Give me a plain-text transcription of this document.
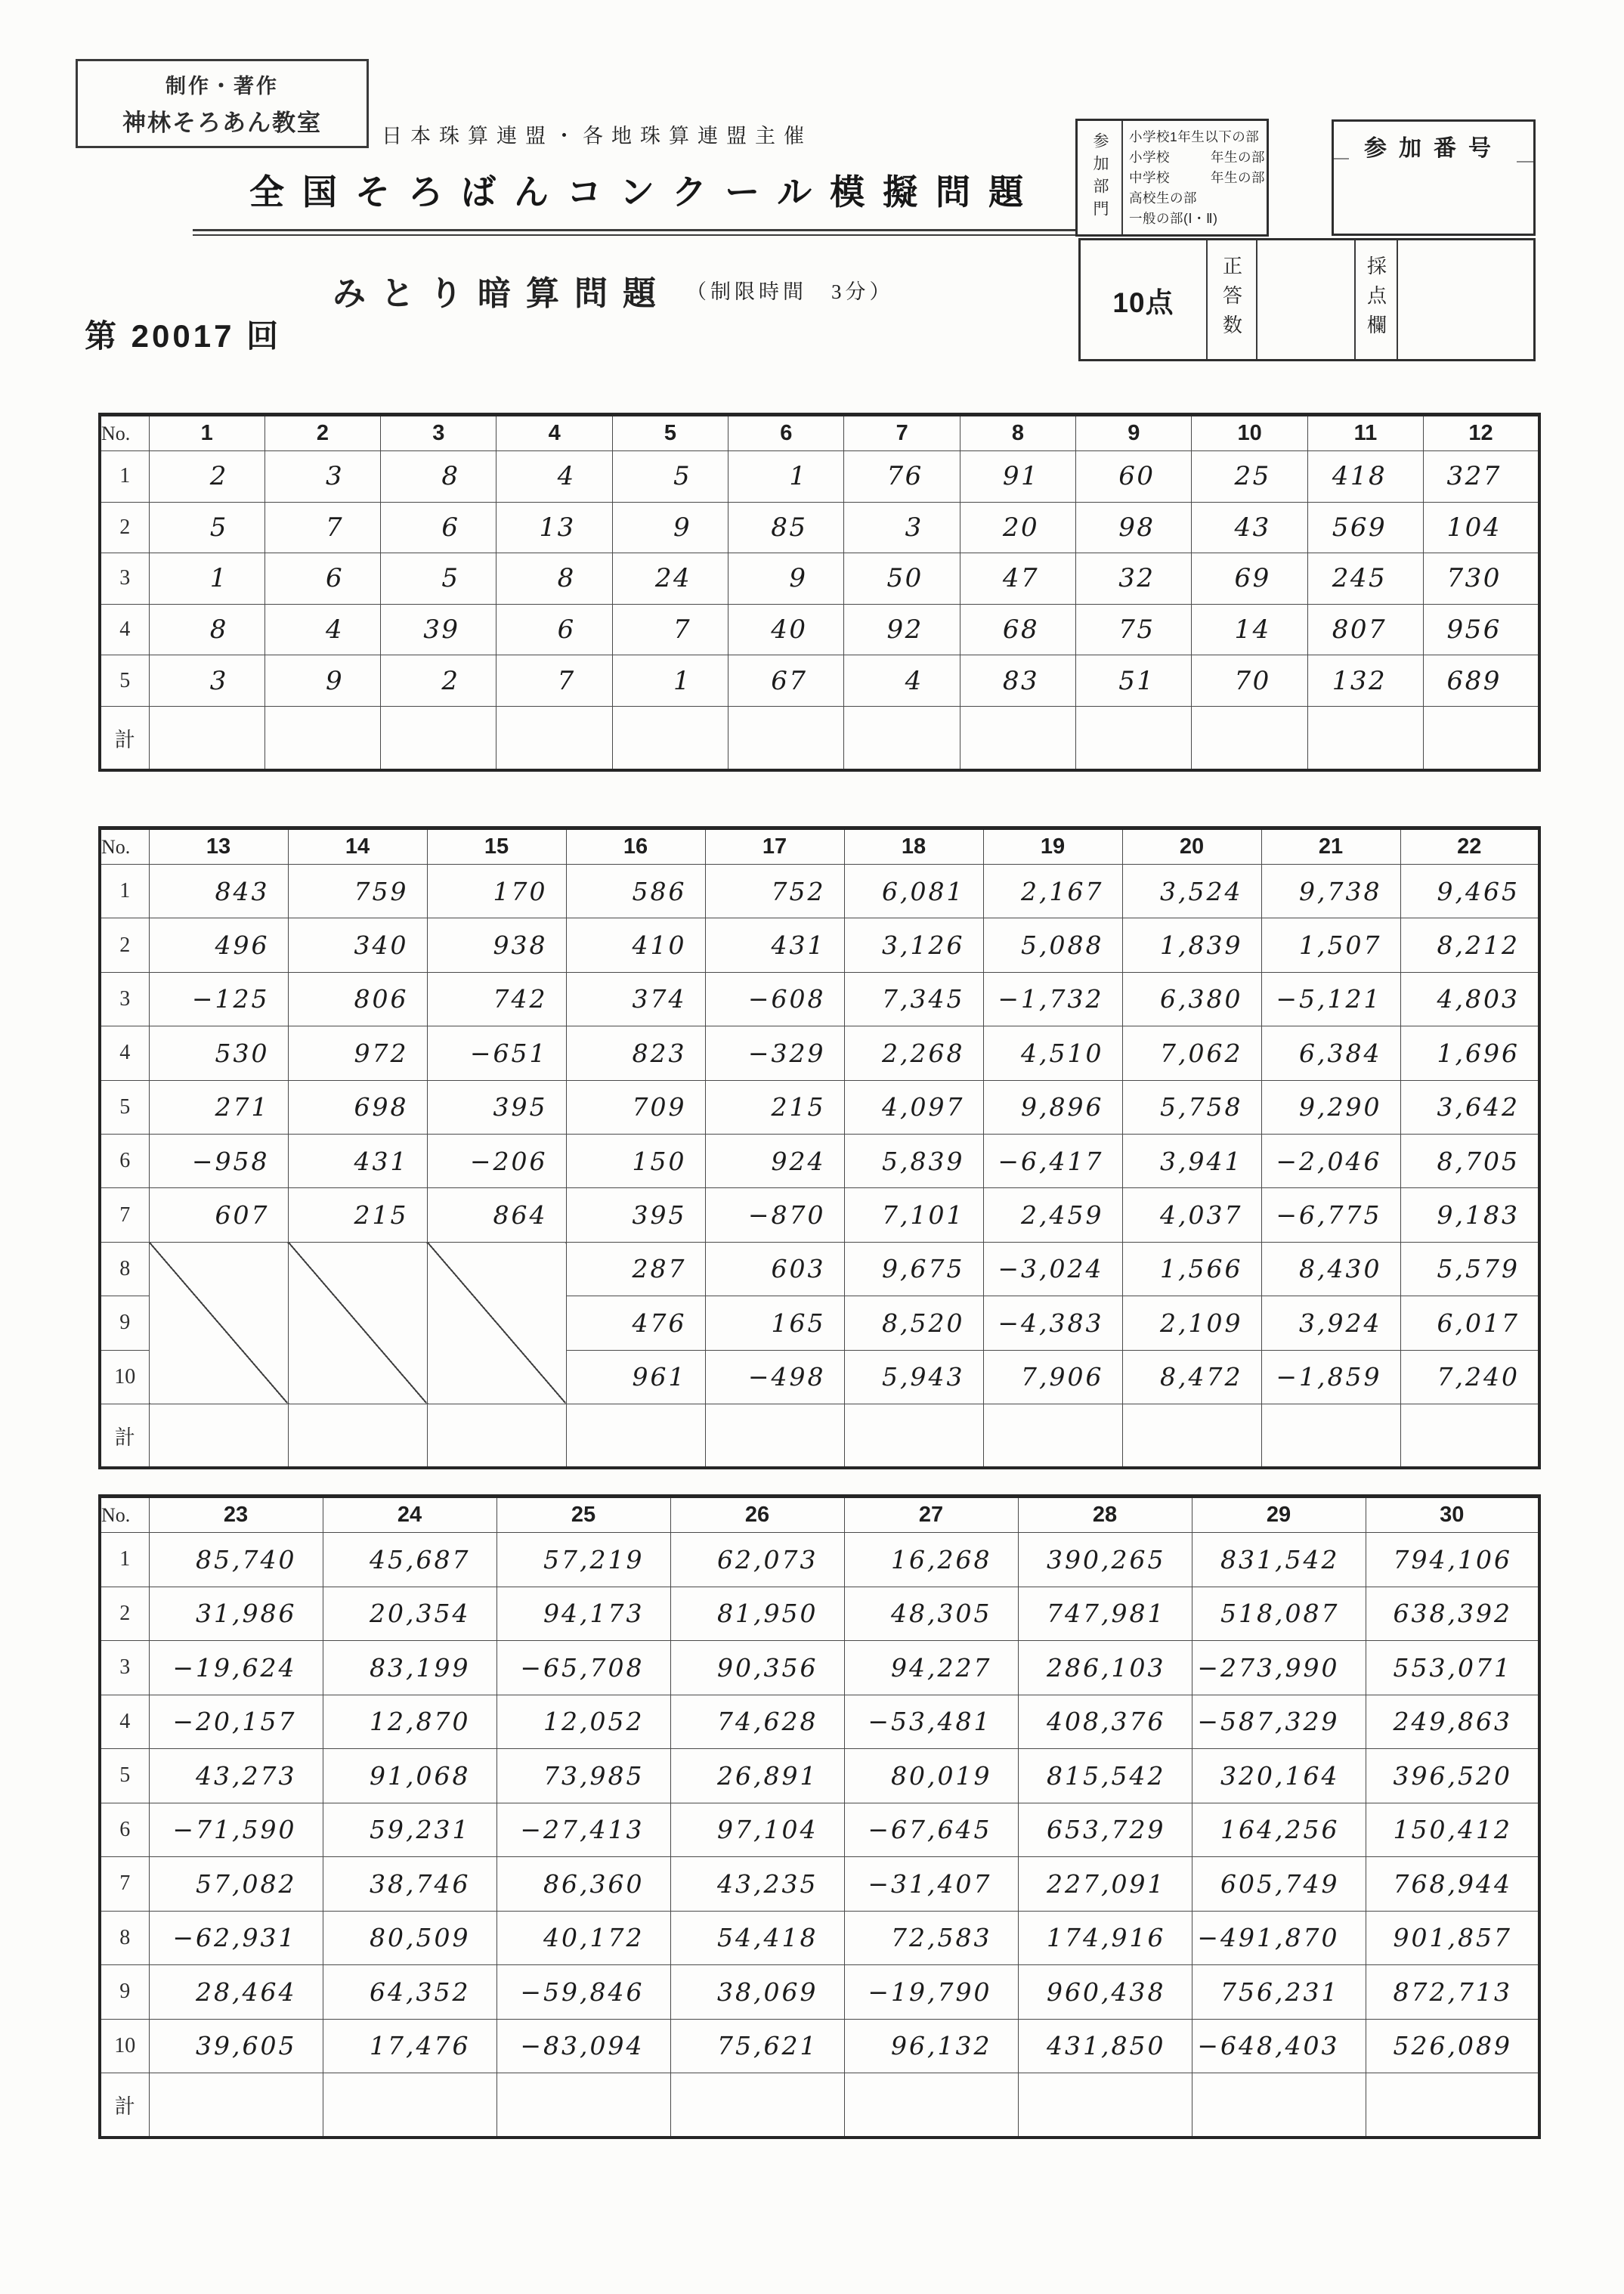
制作・著作
神林そろあん教室	日本珠算連盟・各地珠算連盟主催
全国そろばんコンクール模擬問題
みとり暗算問題 （制限時間　3分）
第 20017 回
参加部門 小学校1年生以下の部
小学校　　　年生の部
中学校　　　年生の部
高校生の部
一般の部(Ⅰ・Ⅱ)
参加番号
10点	正答数	採点欄
No.	1	2	3	4	5	6	7	8	9	10	11	12
1	2	3	8	4	5	1	76	91	60	25	418	327
2	5	7	6	13	9	85	3	20	98	43	569	104
3	1	6	5	8	24	9	50	47	32	69	245	730
4	8	4	39	6	7	40	92	68	75	14	807	956
5	3	9	2	7	1	67	4	83	51	70	132	689
計												
No.	13	14	15	16	17	18	19	20	21	22
1	843	759	170	586	752	6,081	2,167	3,524	9,738	9,465
2	496	340	938	410	431	3,126	5,088	1,839	1,507	8,212
3	−125	806	742	374	−608	7,345	−1,732	6,380	−5,121	4,803
4	530	972	−651	823	−329	2,268	4,510	7,062	6,384	1,696
5	271	698	395	709	215	4,097	9,896	5,758	9,290	3,642
6	−958	431	−206	150	924	5,839	−6,417	3,941	−2,046	8,705
7	607	215	864	395	−870	7,101	2,459	4,037	−6,775	9,183
8				287	603	9,675	−3,024	1,566	8,430	5,579
9				476	165	8,520	−4,383	2,109	3,924	6,017
10				961	−498	5,943	7,906	8,472	−1,859	7,240
計										
No.	23	24	25	26	27	28	29	30
1	85,740	45,687	57,219	62,073	16,268	390,265	831,542	794,106
2	31,986	20,354	94,173	81,950	48,305	747,981	518,087	638,392
3	−19,624	83,199	−65,708	90,356	94,227	286,103	−273,990	553,071
4	−20,157	12,870	12,052	74,628	−53,481	408,376	−587,329	249,863
5	43,273	91,068	73,985	26,891	80,019	815,542	320,164	396,520
6	−71,590	59,231	−27,413	97,104	−67,645	653,729	164,256	150,412
7	57,082	38,746	86,360	43,235	−31,407	227,091	605,749	768,944
8	−62,931	80,509	40,172	54,418	72,583	174,916	−491,870	901,857
9	28,464	64,352	−59,846	38,069	−19,790	960,438	756,231	872,713
10	39,605	17,476	−83,094	75,621	96,132	431,850	−648,403	526,089
計								
